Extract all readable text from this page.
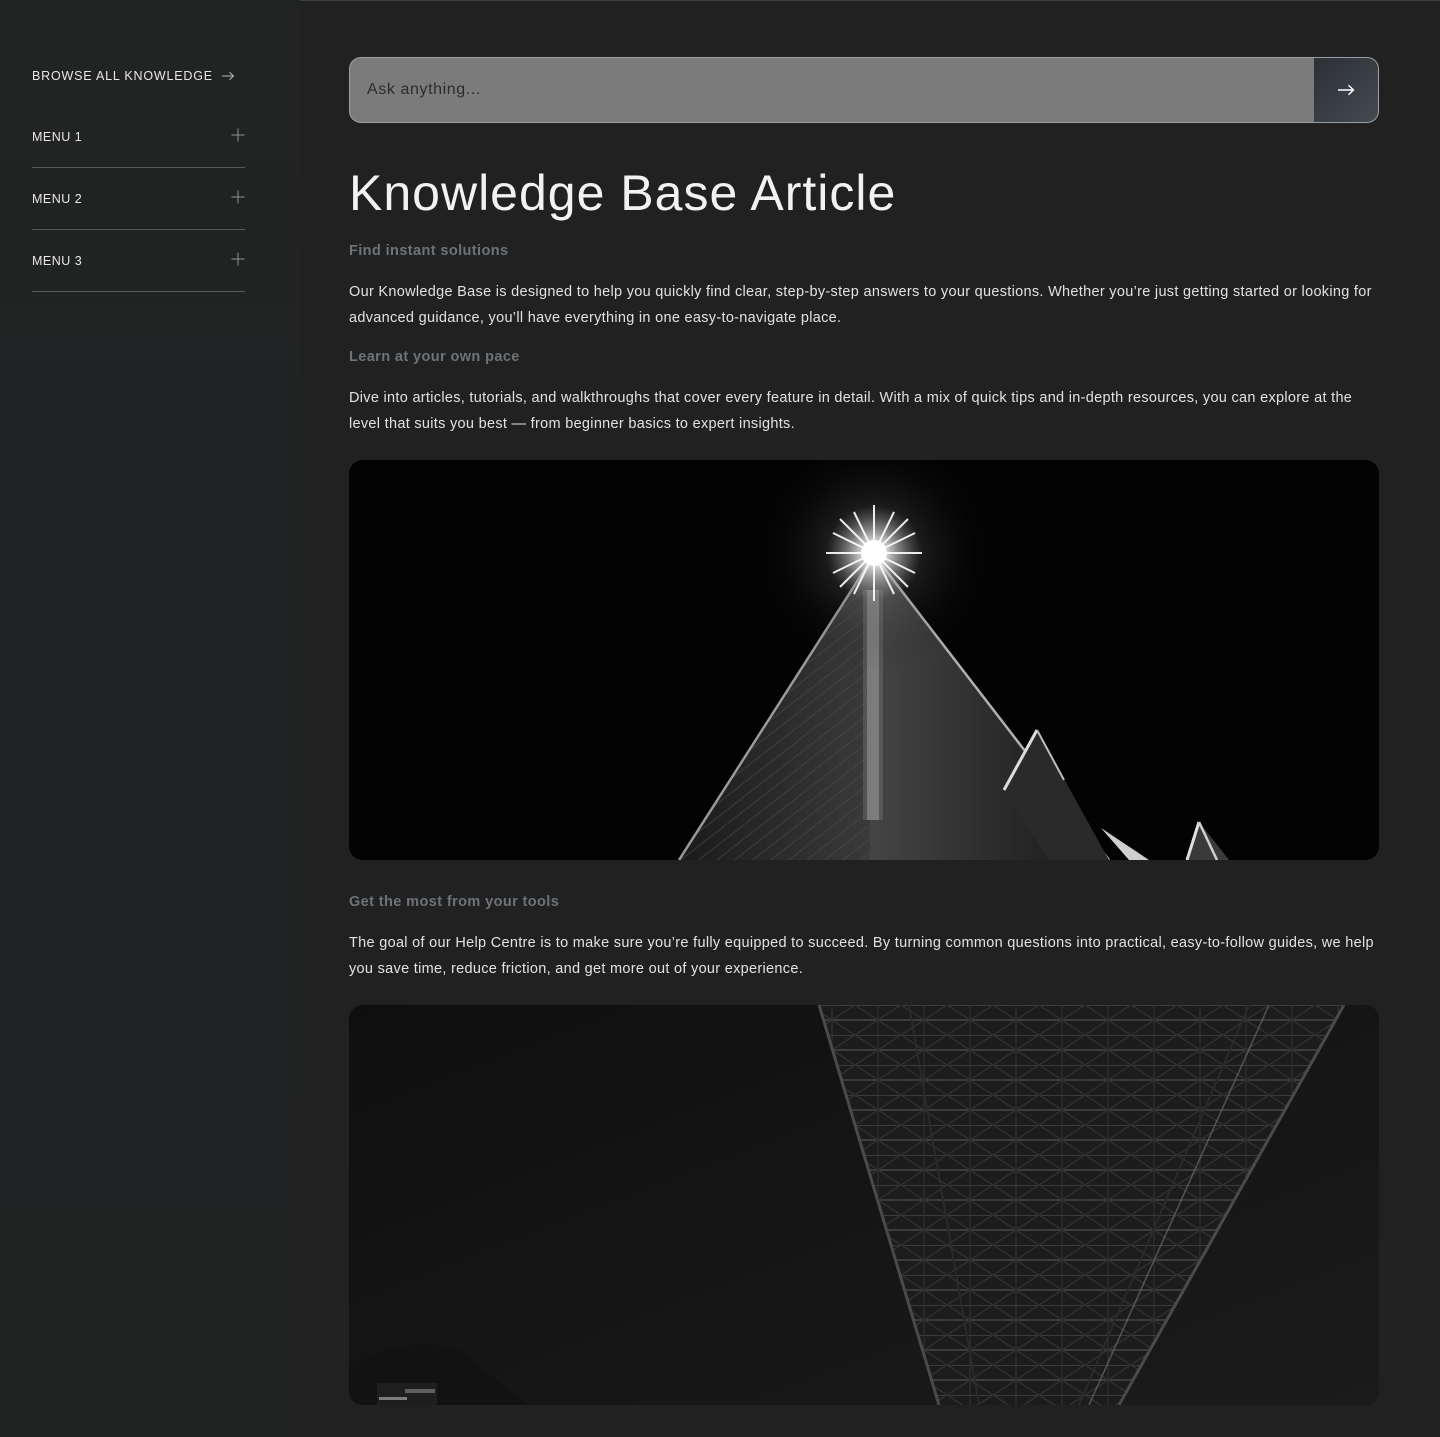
BROWSE ALL KNOWLEDGE
MENU 1
MENU 2
MENU 3
Ask anything...
Knowledge Base Article
Find instant solutions

Our Knowledge Base is designed to help you quickly find clear, step-by-step answers to your questions. Whether you’re just getting started or looking for advanced guidance, you’ll have everything in one easy-to-navigate place.

Learn at your own pace

Dive into articles, tutorials, and walkthroughs that cover every feature in detail. With a mix of quick tips and in-depth resources, you can explore at the level that suits you best — from beginner basics to expert insights.

Get the most from your tools

The goal of our Help Centre is to make sure you’re fully equipped to succeed. By turning common questions into practical, easy-to-follow guides, we help you save time, reduce friction, and get more out of your experience.
